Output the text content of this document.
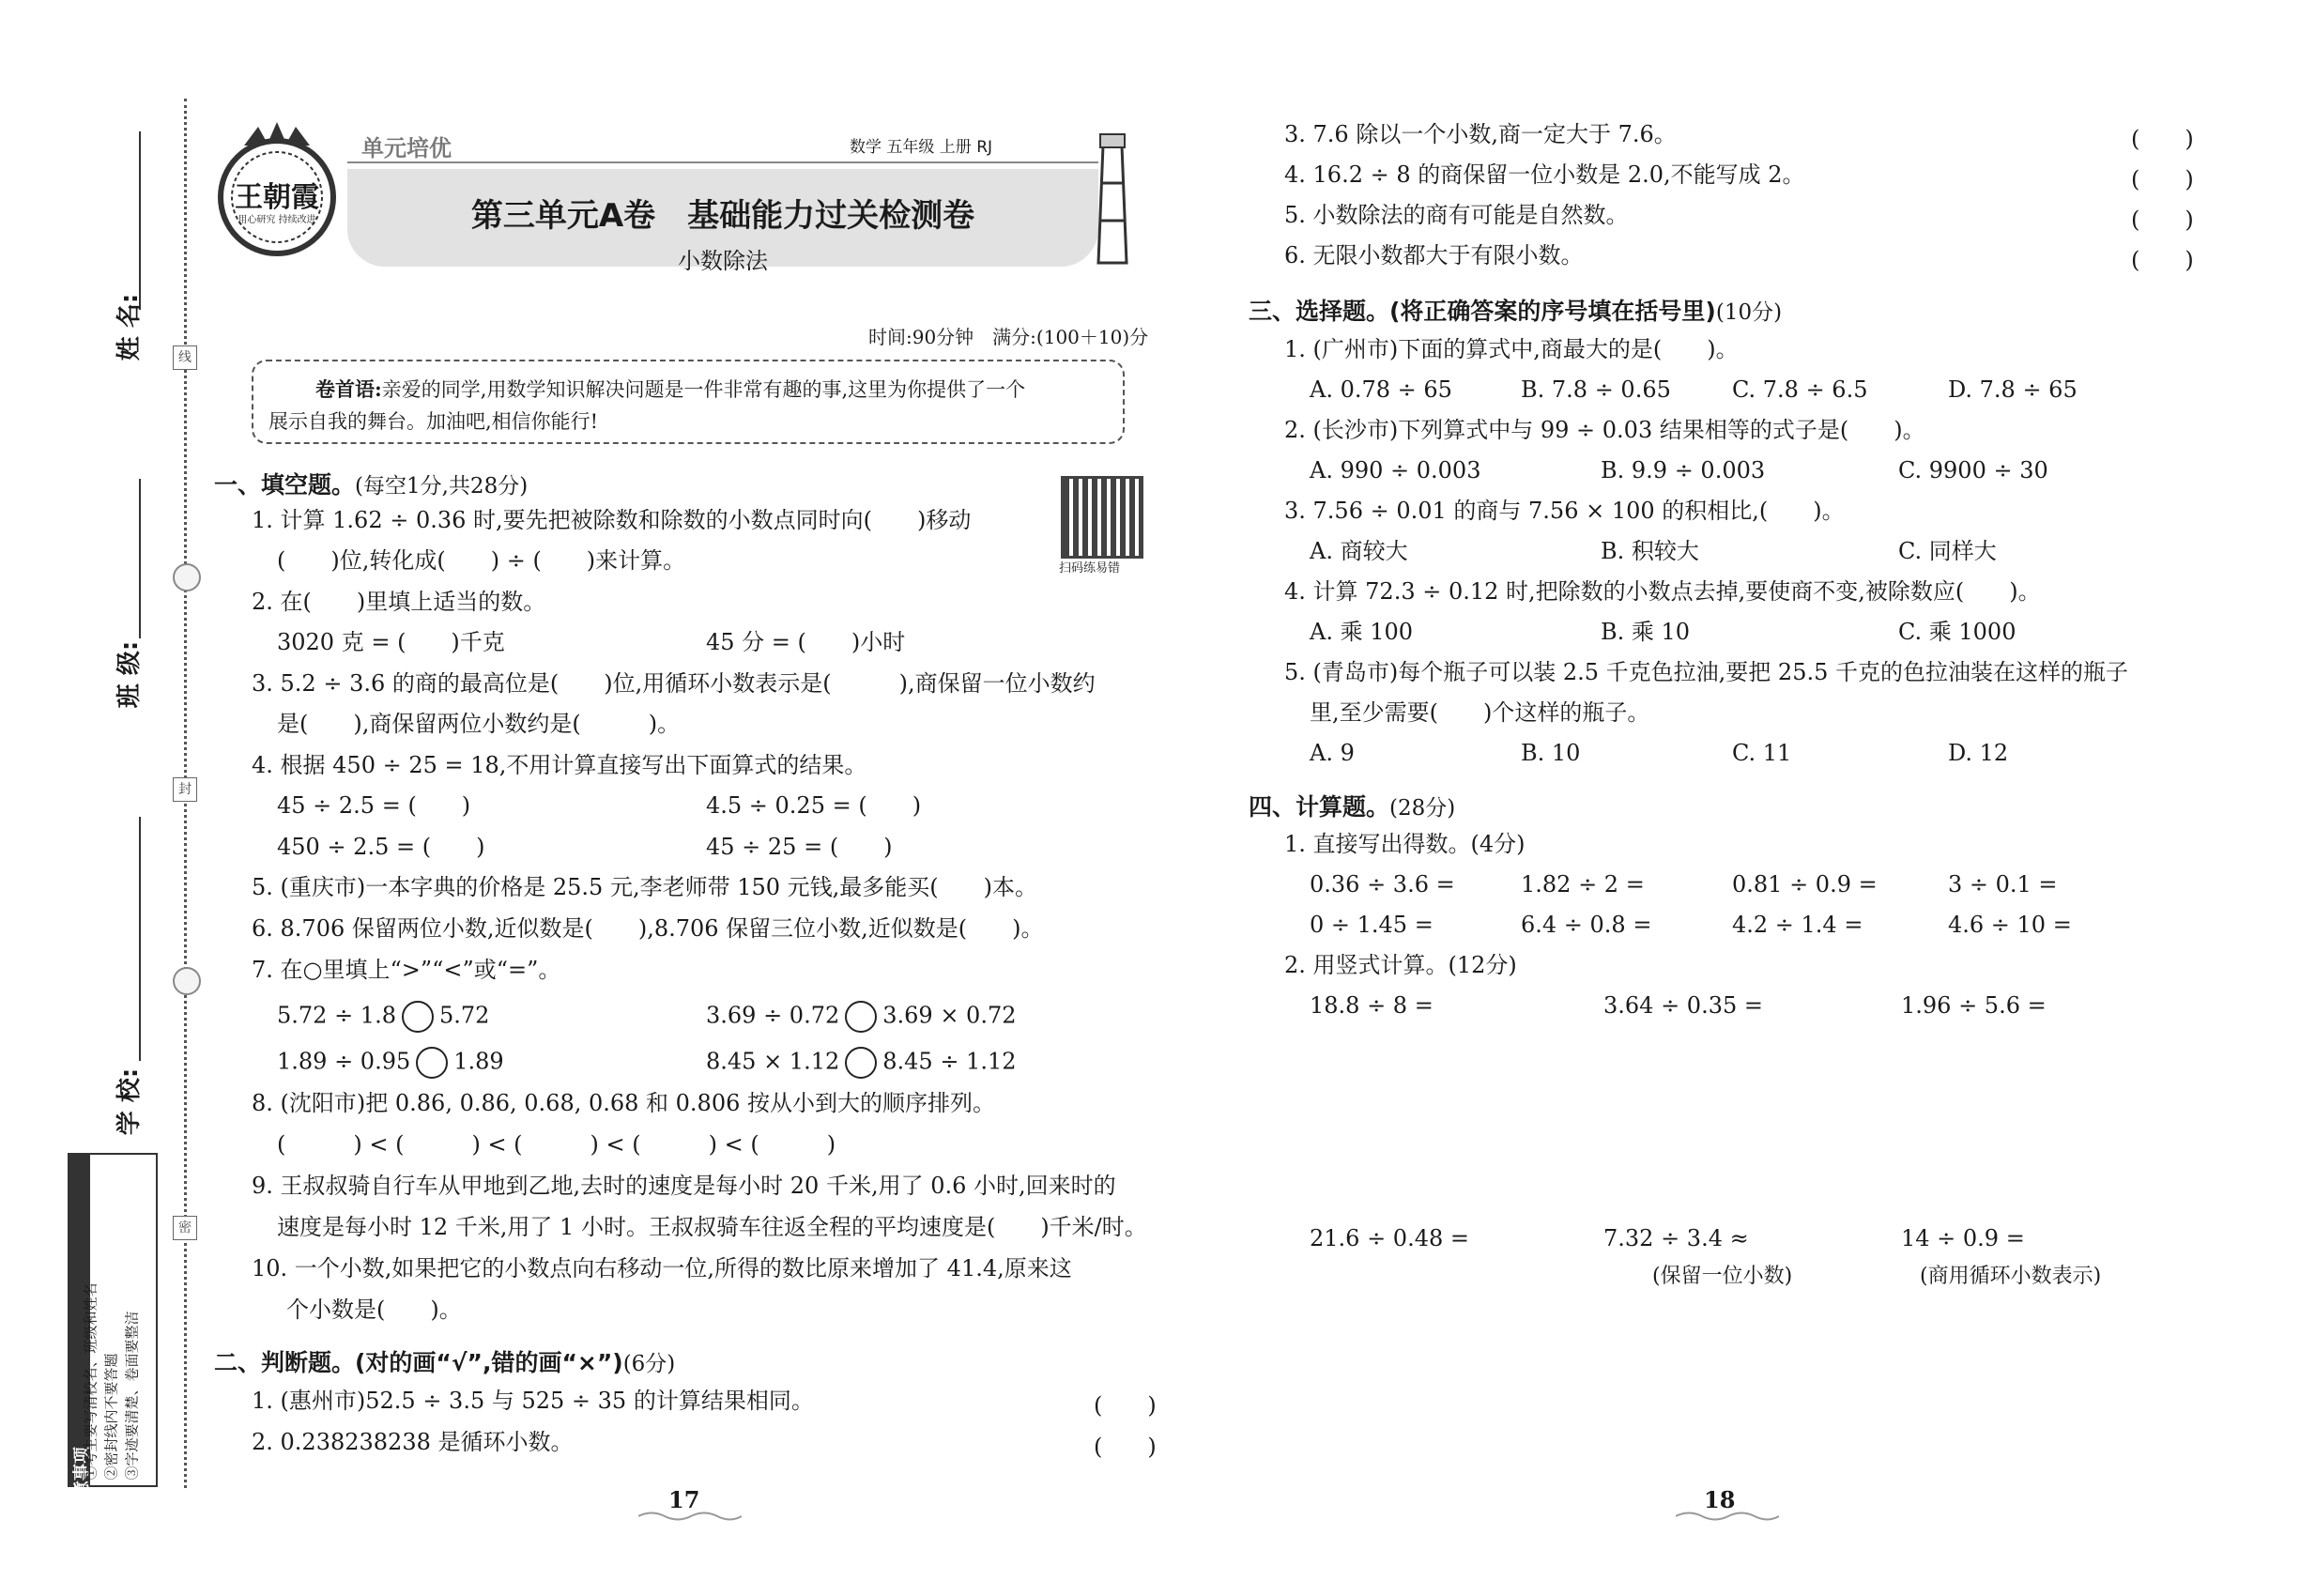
线
封
密
姓 名:
班 级:
学 校:
注意事项
①考生要写清校名、班级和姓名 ②密封线内不要答题 ③字迹要清楚、卷面要整洁
王朝霞
用心研究 持续改进
单元培优	数学 五年级 上册 RJ
第三单元A卷　基础能力过关检测卷
小数除法
时间:90分钟　满分:(100＋10)分
卷首语:亲爱的同学,用数学知识解决问题是一件非常有趣的事,这里为你提供了一个
展示自我的舞台。加油吧,相信你能行!
扫码练易错
一、填空题。(每空1分,共28分)
1. 计算 1.62 ÷ 0.36 时,要先把被除数和除数的小数点同时向(　　)移动
(　　)位,转化成(　　) ÷ (　　)来计算。
2. 在(　　)里填上适当的数。
3020 克 = (　　)千克	45 分 = (　　)小时
3. 5.2 ÷ 3.6 的商的最高位是(　　)位,用循环小数表示是(　　　),商保留一位小数约
是(　　),商保留两位小数约是(　　　)。
4. 根据 450 ÷ 25 = 18,不用计算直接写出下面算式的结果。
45 ÷ 2.5 = (　　)	4.5 ÷ 0.25 = (　　)
450 ÷ 2.5 = (　　)	45 ÷ 25 = (　　)
5. (重庆市)一本字典的价格是 25.5 元,李老师带 150 元钱,最多能买(　　)本。
6. 8.706 保留两位小数,近似数是(　　),8.706 保留三位小数,近似数是(　　)。
7. 在○里填上“>”“<”或“=”。
5.72 ÷ 1.8 5.72	3.69 ÷ 0.72 3.69 × 0.72
1.89 ÷ 0.95 1.89	8.45 × 1.12 8.45 ÷ 1.12
8. (沈阳市)把 0.86, 0.86, 0.68, 0.68 和 0.806 按从小到大的顺序排列。
(　　　) < (　　　) < (　　　) < (　　　) < (　　　)
9. 王叔叔骑自行车从甲地到乙地,去时的速度是每小时 20 千米,用了 0.6 小时,回来时的
速度是每小时 12 千米,用了 1 小时。王叔叔骑车往返全程的平均速度是(　　)千米/时。
10. 一个小数,如果把它的小数点向右移动一位,所得的数比原来增加了 41.4,原来这
个小数是(　　)。
二、判断题。(对的画“√”,错的画“×”)(6分)
1. (惠州市)52.5 ÷ 3.5 与 525 ÷ 35 的计算结果相同。	(　　)
2. 0.238238238 是循环小数。	(　　)
3. 7.6 除以一个小数,商一定大于 7.6。	(　　)
4. 16.2 ÷ 8 的商保留一位小数是 2.0,不能写成 2。	(　　)
5. 小数除法的商有可能是自然数。	(　　)
6. 无限小数都大于有限小数。	(　　)
三、选择题。(将正确答案的序号填在括号里)(10分)
1. (广州市)下面的算式中,商最大的是(　　)。
A. 0.78 ÷ 65	B. 7.8 ÷ 0.65	C. 7.8 ÷ 6.5	D. 7.8 ÷ 65
2. (长沙市)下列算式中与 99 ÷ 0.03 结果相等的式子是(　　)。
A. 990 ÷ 0.003	B. 9.9 ÷ 0.003	C. 9900 ÷ 30
3. 7.56 ÷ 0.01 的商与 7.56 × 100 的积相比,(　　)。
A. 商较大	B. 积较大	C. 同样大
4. 计算 72.3 ÷ 0.12 时,把除数的小数点去掉,要使商不变,被除数应(　　)。
A. 乘 100	B. 乘 10	C. 乘 1000
5. (青岛市)每个瓶子可以装 2.5 千克色拉油,要把 25.5 千克的色拉油装在这样的瓶子
里,至少需要(　　)个这样的瓶子。
A. 9	B. 10	C. 11	D. 12
四、计算题。(28分)
1. 直接写出得数。(4分)
0.36 ÷ 3.6 =	1.82 ÷ 2 =	0.81 ÷ 0.9 =	3 ÷ 0.1 =
0 ÷ 1.45 =	6.4 ÷ 0.8 =	4.2 ÷ 1.4 =	4.6 ÷ 10 =
2. 用竖式计算。(12分)
18.8 ÷ 8 =	3.64 ÷ 0.35 =	1.96 ÷ 5.6 =
21.6 ÷ 0.48 =	7.32 ÷ 3.4 ≈	14 ÷ 0.9 =
(保留一位小数)	(商用循环小数表示)
17	18
